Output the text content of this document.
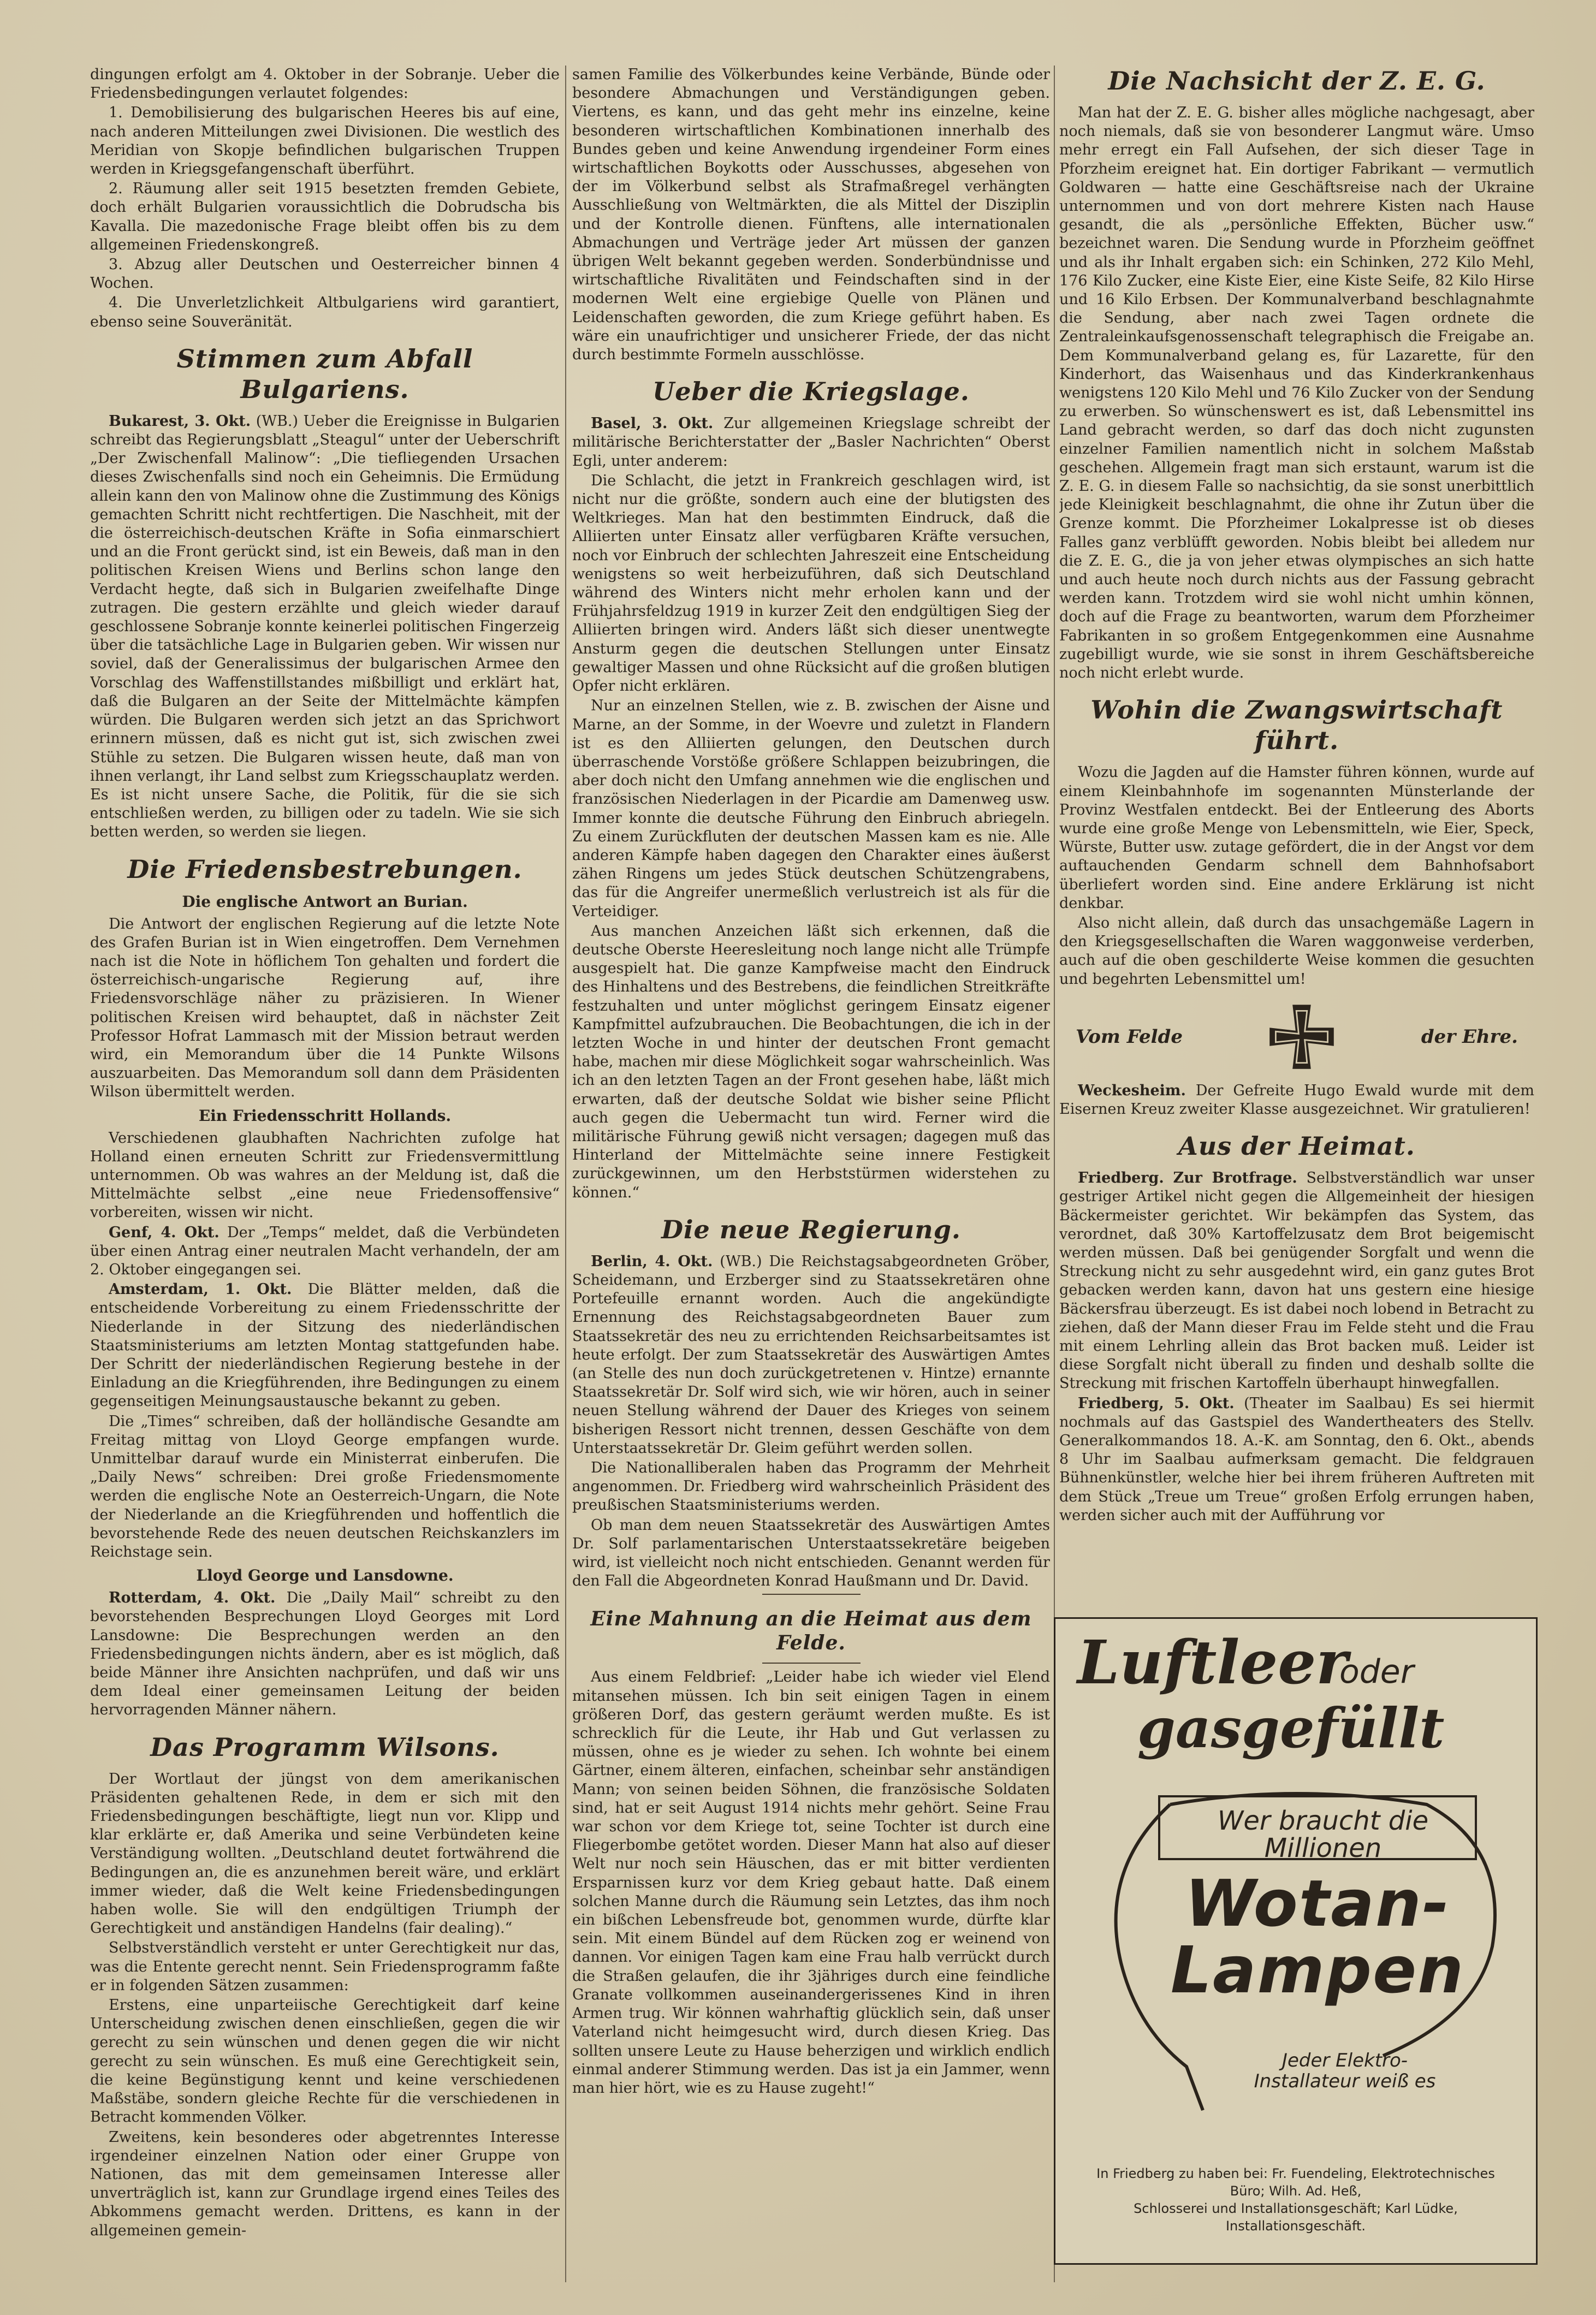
dingungen erfolgt am 4. Oktober in der Sobranje. Ueber die Friedensbedingungen verlautet folgendes:

1. Demobilisierung des bulgarischen Heeres bis auf eine, nach anderen Mitteilungen zwei Divisionen. Die westlich des Meridian von Skopje befindlichen bulgarischen Truppen werden in Kriegsgefangenschaft überführt.

2. Räumung aller seit 1915 besetzten fremden Gebiete, doch erhält Bulgarien voraussichtlich die Dobrudscha bis Kavalla. Die mazedonische Frage bleibt offen bis zu dem allgemeinen Friedenskongreß.

3. Abzug aller Deutschen und Oesterreicher binnen 4 Wochen.

4. Die Unverletzlichkeit Altbulgariens wird garantiert, ebenso seine Souveränität.

Stimmen zum Abfall Bulgariens.

Bukarest, 3. Okt. (WB.) Ueber die Ereignisse in Bulgarien schreibt das Regierungsblatt „Steagul“ unter der Ueberschrift „Der Zwischenfall Malinow“: „Die tiefliegenden Ursachen dieses Zwischenfalls sind noch ein Geheimnis. Die Ermüdung allein kann den von Malinow ohne die Zustimmung des Königs gemachten Schritt nicht rechtfertigen. Die Naschheit, mit der die österreichisch-deutschen Kräfte in Sofia einmarschiert und an die Front gerückt sind, ist ein Beweis, daß man in den politischen Kreisen Wiens und Berlins schon lange den Verdacht hegte, daß sich in Bulgarien zweifelhafte Dinge zutragen. Die gestern erzählte und gleich wieder darauf geschlossene Sobranje konnte keinerlei politischen Fingerzeig über die tatsächliche Lage in Bulgarien geben. Wir wissen nur soviel, daß der Generalissimus der bulgarischen Armee den Vorschlag des Waffenstillstandes mißbilligt und erklärt hat, daß die Bulgaren an der Seite der Mittelmächte kämpfen würden. Die Bulgaren werden sich jetzt an das Sprichwort erinnern müssen, daß es nicht gut ist, sich zwischen zwei Stühle zu setzen. Die Bulgaren wissen heute, daß man von ihnen verlangt, ihr Land selbst zum Kriegsschauplatz werden. Es ist nicht unsere Sache, die Politik, für die sie sich entschließen werden, zu billigen oder zu tadeln. Wie sie sich betten werden, so werden sie liegen.

Die Friedensbestrebungen.
Die englische Antwort an Burian.

Die Antwort der englischen Regierung auf die letzte Note des Grafen Burian ist in Wien eingetroffen. Dem Vernehmen nach ist die Note in höflichem Ton gehalten und fordert die österreichisch-ungarische Regierung auf, ihre Friedensvorschläge näher zu präzisieren. In Wiener politischen Kreisen wird behauptet, daß in nächster Zeit Professor Hofrat Lammasch mit der Mission betraut werden wird, ein Memorandum über die 14 Punkte Wilsons auszuarbeiten. Das Memorandum soll dann dem Präsidenten Wilson übermittelt werden.

Ein Friedensschritt Hollands.

Verschiedenen glaubhaften Nachrichten zufolge hat Holland einen erneuten Schritt zur Friedensvermittlung unternommen. Ob was wahres an der Meldung ist, daß die Mittelmächte selbst „eine neue Friedensoffensive“ vorbereiten, wissen wir nicht.

Genf, 4. Okt. Der „Temps“ meldet, daß die Verbündeten über einen Antrag einer neutralen Macht verhandeln, der am 2. Oktober eingegangen sei.

Amsterdam, 1. Okt. Die Blätter melden, daß die entscheidende Vorbereitung zu einem Friedensschritte der Niederlande in der Sitzung des niederländischen Staatsministeriums am letzten Montag stattgefunden habe. Der Schritt der niederländischen Regierung bestehe in der Einladung an die Kriegführenden, ihre Bedingungen zu einem gegenseitigen Meinungsaustausche bekannt zu geben.

Die „Times“ schreiben, daß der holländische Gesandte am Freitag mittag von Lloyd George empfangen wurde. Unmittelbar darauf wurde ein Ministerrat einberufen. Die „Daily News“ schreiben: Drei große Friedensmomente werden die englische Note an Oesterreich-Ungarn, die Note der Niederlande an die Kriegführenden und hoffentlich die bevorstehende Rede des neuen deutschen Reichskanzlers im Reichstage sein.

Lloyd George und Lansdowne.

Rotterdam, 4. Okt. Die „Daily Mail“ schreibt zu den bevorstehenden Besprechungen Lloyd Georges mit Lord Lansdowne: Die Besprechungen werden an den Friedensbedingungen nichts ändern, aber es ist möglich, daß beide Männer ihre Ansichten nachprüfen, und daß wir uns dem Ideal einer gemeinsamen Leitung der beiden hervorragenden Männer nähern.

Das Programm Wilsons.

Der Wortlaut der jüngst von dem amerikanischen Präsidenten gehaltenen Rede, in dem er sich mit den Friedensbedingungen beschäftigte, liegt nun vor. Klipp und klar erklärte er, daß Amerika und seine Verbündeten keine Verständigung wollten. „Deutschland deutet fortwährend die Bedingungen an, die es anzunehmen bereit wäre, und erklärt immer wieder, daß die Welt keine Friedensbedingungen haben wolle. Sie will den endgültigen Triumph der Gerechtigkeit und anständigen Handelns (fair dealing).“

Selbstverständlich versteht er unter Gerechtigkeit nur das, was die Entente gerecht nennt. Sein Friedensprogramm faßte er in folgenden Sätzen zusammen:

Erstens, eine unparteiische Gerechtigkeit darf keine Unterscheidung zwischen denen einschließen, gegen die wir gerecht zu sein wünschen und denen gegen die wir nicht gerecht zu sein wünschen. Es muß eine Gerechtigkeit sein, die keine Begünstigung kennt und keine verschiedenen Maßstäbe, sondern gleiche Rechte für die verschiedenen in Betracht kommenden Völker.

Zweitens, kein besonderes oder abgetrenntes Interesse irgendeiner einzelnen Nation oder einer Gruppe von Nationen, das mit dem gemeinsamen Interesse aller unverträglich ist, kann zur Grundlage irgend eines Teiles des Abkommens gemacht werden. Drittens, es kann in der allgemeinen gemein-

samen Familie des Völkerbundes keine Verbände, Bünde oder besondere Abmachungen und Verständigungen geben. Viertens, es kann, und das geht mehr ins einzelne, keine besonderen wirtschaftlichen Kombinationen innerhalb des Bundes geben und keine Anwendung irgendeiner Form eines wirtschaftlichen Boykotts oder Ausschusses, abgesehen von der im Völkerbund selbst als Strafmaßregel verhängten Ausschließung von Weltmärkten, die als Mittel der Disziplin und der Kontrolle dienen. Fünftens, alle internationalen Abmachungen und Verträge jeder Art müssen der ganzen übrigen Welt bekannt gegeben werden. Sonderbündnisse und wirtschaftliche Rivalitäten und Feindschaften sind in der modernen Welt eine ergiebige Quelle von Plänen und Leidenschaften geworden, die zum Kriege geführt haben. Es wäre ein unaufrichtiger und unsicherer Friede, der das nicht durch bestimmte Formeln ausschlösse.

Ueber die Kriegslage.

Basel, 3. Okt. Zur allgemeinen Kriegslage schreibt der militärische Berichterstatter der „Basler Nachrichten“ Oberst Egli, unter anderem:

Die Schlacht, die jetzt in Frankreich geschlagen wird, ist nicht nur die größte, sondern auch eine der blutigsten des Weltkrieges. Man hat den bestimmten Eindruck, daß die Alliierten unter Einsatz aller verfügbaren Kräfte versuchen, noch vor Einbruch der schlechten Jahreszeit eine Entscheidung wenigstens so weit herbeizuführen, daß sich Deutschland während des Winters nicht mehr erholen kann und der Frühjahrsfeldzug 1919 in kurzer Zeit den endgültigen Sieg der Alliierten bringen wird. Anders läßt sich dieser unentwegte Ansturm gegen die deutschen Stellungen unter Einsatz gewaltiger Massen und ohne Rücksicht auf die großen blutigen Opfer nicht erklären.

Nur an einzelnen Stellen, wie z. B. zwischen der Aisne und Marne, an der Somme, in der Woevre und zuletzt in Flandern ist es den Alliierten gelungen, den Deutschen durch überraschende Vorstöße größere Schlappen beizubringen, die aber doch nicht den Umfang annehmen wie die englischen und französischen Niederlagen in der Picardie am Damenweg usw. Immer konnte die deutsche Führung den Einbruch abriegeln. Zu einem Zurückfluten der deutschen Massen kam es nie. Alle anderen Kämpfe haben dagegen den Charakter eines äußerst zähen Ringens um jedes Stück deutschen Schützengrabens, das für die Angreifer unermeßlich verlustreich ist als für die Verteidiger.

Aus manchen Anzeichen läßt sich erkennen, daß die deutsche Oberste Heeresleitung noch lange nicht alle Trümpfe ausgespielt hat. Die ganze Kampfweise macht den Eindruck des Hinhaltens und des Bestrebens, die feindlichen Streitkräfte festzuhalten und unter möglichst geringem Einsatz eigener Kampfmittel aufzubrauchen. Die Beobachtungen, die ich in der letzten Woche in und hinter der deutschen Front gemacht habe, machen mir diese Möglichkeit sogar wahrscheinlich. Was ich an den letzten Tagen an der Front gesehen habe, läßt mich erwarten, daß der deutsche Soldat wie bisher seine Pflicht auch gegen die Uebermacht tun wird. Ferner wird die militärische Führung gewiß nicht versagen; dagegen muß das Hinterland der Mittelmächte seine innere Festigkeit zurückgewinnen, um den Herbststürmen widerstehen zu können.“

Die neue Regierung.

Berlin, 4. Okt. (WB.) Die Reichstagsabgeordneten Gröber, Scheidemann, und Erzberger sind zu Staatssekretären ohne Portefeuille ernannt worden. Auch die angekündigte Ernennung des Reichstagsabgeordneten Bauer zum Staatssekretär des neu zu errichtenden Reichsarbeitsamtes ist heute erfolgt. Der zum Staatssekretär des Auswärtigen Amtes (an Stelle des nun doch zurückgetretenen v. Hintze) ernannte Staatssekretär Dr. Solf wird sich, wie wir hören, auch in seiner neuen Stellung während der Dauer des Krieges von seinem bisherigen Ressort nicht trennen, dessen Geschäfte von dem Unterstaatssekretär Dr. Gleim geführt werden sollen.

Die Nationalliberalen haben das Programm der Mehrheit angenommen. Dr. Friedberg wird wahrscheinlich Präsident des preußischen Staatsministeriums werden.

Ob man dem neuen Staatssekretär des Auswärtigen Amtes Dr. Solf parlamentarischen Unterstaatssekretäre beigeben wird, ist vielleicht noch nicht entschieden. Genannt werden für den Fall die Abgeordneten Konrad Haußmann und Dr. David.

Eine Mahnung an die Heimat aus dem Felde.

Aus einem Feldbrief: „Leider habe ich wieder viel Elend mitansehen müssen. Ich bin seit einigen Tagen in einem größeren Dorf, das gestern geräumt werden mußte. Es ist schrecklich für die Leute, ihr Hab und Gut verlassen zu müssen, ohne es je wieder zu sehen. Ich wohnte bei einem Gärtner, einem älteren, einfachen, scheinbar sehr anständigen Mann; von seinen beiden Söhnen, die französische Soldaten sind, hat er seit August 1914 nichts mehr gehört. Seine Frau war schon vor dem Kriege tot, seine Tochter ist durch eine Fliegerbombe getötet worden. Dieser Mann hat also auf dieser Welt nur noch sein Häuschen, das er mit bitter verdienten Ersparnissen kurz vor dem Krieg gebaut hatte. Daß einem solchen Manne durch die Räumung sein Letztes, das ihm noch ein bißchen Lebensfreude bot, genommen wurde, dürfte klar sein. Mit einem Bündel auf dem Rücken zog er weinend von dannen. Vor einigen Tagen kam eine Frau halb verrückt durch die Straßen gelaufen, die ihr 3jähriges durch eine feindliche Granate vollkommen auseinandergerissenes Kind in ihren Armen trug. Wir können wahrhaftig glücklich sein, daß unser Vaterland nicht heimgesucht wird, durch diesen Krieg. Das sollten unsere Leute zu Hause beherzigen und wirklich endlich einmal anderer Stimmung werden. Das ist ja ein Jammer, wenn man hier hört, wie es zu Hause zugeht!“

Die Nachsicht der Z. E. G.

Man hat der Z. E. G. bisher alles mögliche nachgesagt, aber noch niemals, daß sie von besonderer Langmut wäre. Umso mehr erregt ein Fall Aufsehen, der sich dieser Tage in Pforzheim ereignet hat. Ein dortiger Fabrikant — vermutlich Goldwaren — hatte eine Geschäftsreise nach der Ukraine unternommen und von dort mehrere Kisten nach Hause gesandt, die als „persönliche Effekten, Bücher usw.“ bezeichnet waren. Die Sendung wurde in Pforzheim geöffnet und als ihr Inhalt ergaben sich: ein Schinken, 272 Kilo Mehl, 176 Kilo Zucker, eine Kiste Eier, eine Kiste Seife, 82 Kilo Hirse und 16 Kilo Erbsen. Der Kommunalverband beschlagnahmte die Sendung, aber nach zwei Tagen ordnete die Zentraleinkaufsgenossenschaft telegraphisch die Freigabe an. Dem Kommunalverband gelang es, für Lazarette, für den Kinderhort, das Waisenhaus und das Kinderkrankenhaus wenigstens 120 Kilo Mehl und 76 Kilo Zucker von der Sendung zu erwerben. So wünschenswert es ist, daß Lebensmittel ins Land gebracht werden, so darf das doch nicht zugunsten einzelner Familien namentlich nicht in solchem Maßstab geschehen. Allgemein fragt man sich erstaunt, warum ist die Z. E. G. in diesem Falle so nachsichtig, da sie sonst unerbittlich jede Kleinigkeit beschlagnahmt, die ohne ihr Zutun über die Grenze kommt. Die Pforzheimer Lokalpresse ist ob dieses Falles ganz verblüfft geworden. Nobis bleibt bei alledem nur die Z. E. G., die ja von jeher etwas olympisches an sich hatte und auch heute noch durch nichts aus der Fassung gebracht werden kann. Trotzdem wird sie wohl nicht umhin können, doch auf die Frage zu beantworten, warum dem Pforzheimer Fabrikanten in so großem Entgegenkommen eine Ausnahme zugebilligt wurde, wie sie sonst in ihrem Geschäftsbereiche noch nicht erlebt wurde.

Wohin die Zwangswirtschaft führt.

Wozu die Jagden auf die Hamster führen können, wurde auf einem Kleinbahnhofe im sogenannten Münsterlande der Provinz Westfalen entdeckt. Bei der Entleerung des Aborts wurde eine große Menge von Lebensmitteln, wie Eier, Speck, Würste, Butter usw. zutage gefördert, die in der Angst vor dem auftauchenden Gendarm schnell dem Bahnhofsabort überliefert worden sind. Eine andere Erklärung ist nicht denkbar.

Also nicht allein, daß durch das unsachgemäße Lagern in den Kriegsgesellschaften die Waren waggonweise verderben, auch auf die oben geschilderte Weise kommen die gesuchten und begehrten Lebensmittel um!

Vom Felde	der Ehre.

Weckesheim. Der Gefreite Hugo Ewald wurde mit dem Eisernen Kreuz zweiter Klasse ausgezeichnet. Wir gratulieren!

Aus der Heimat.

Friedberg. Zur Brotfrage. Selbstverständlich war unser gestriger Artikel nicht gegen die Allgemeinheit der hiesigen Bäckermeister gerichtet. Wir bekämpfen das System, das verordnet, daß 30% Kartoffelzusatz dem Brot beigemischt werden müssen. Daß bei genügender Sorgfalt und wenn die Streckung nicht zu sehr ausgedehnt wird, ein ganz gutes Brot gebacken werden kann, davon hat uns gestern eine hiesige Bäckersfrau überzeugt. Es ist dabei noch lobend in Betracht zu ziehen, daß der Mann dieser Frau im Felde steht und die Frau mit einem Lehrling allein das Brot backen muß. Leider ist diese Sorgfalt nicht überall zu finden und deshalb sollte die Streckung mit frischen Kartoffeln überhaupt hinwegfallen.

Friedberg, 5. Okt. (Theater im Saalbau) Es sei hiermit nochmals auf das Gastspiel des Wandertheaters des Stellv. Generalkommandos 18. A.-K. am Sonntag, den 6. Okt., abends 8 Uhr im Saalbau aufmerksam gemacht. Die feldgrauen Bühnenkünstler, welche hier bei ihrem früheren Auftreten mit dem Stück „Treue um Treue“ großen Erfolg errungen haben, werden sicher auch mit der Aufführung vor

Luftleer
oder
gasgefüllt
Wer braucht die Millionen
Wotan-Lampen
Jeder Elektro-Installateur weiß es
In Friedberg zu haben bei: Fr. Fuendeling, Elektrotechnisches Büro; Wilh. Ad. Heß,
Schlosserei und Installationsgeschäft; Karl Lüdke, Installationsgeschäft.
